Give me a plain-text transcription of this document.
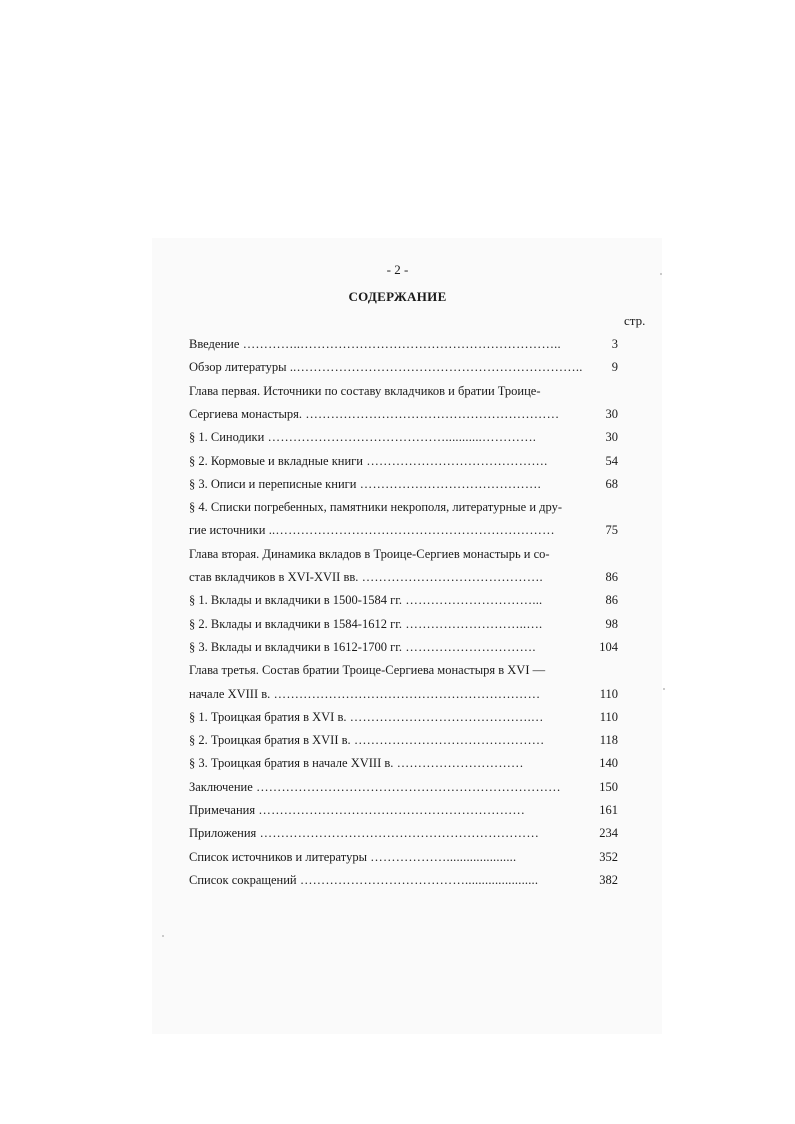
- 2 -
СОДЕРЖАНИЕ
стр.
Введение …………..……………………………………………………..	3
Обзор литературы ..…………………………………………………………..	9
Глава первая. Источники по составу вкладчиков и братии Троице-
Сергиева монастыря. ……………………………………………………	30
§ 1. Синодики ……………………………………...........………….	30
§ 2. Кормовые и вкладные книги …………………………………….	54
§ 3. Описи и переписные книги …………………………………….	68
§ 4. Списки погребенных, памятники некрополя, литературные и дру-
гие источники ..…………………………………………………………	75
Глава вторая. Динамика вкладов в Троице-Сергиев монастырь и со-
став вкладчиков в XVI-XVII вв. …………………………………….	86
§ 1. Вклады и вкладчики в 1500-1584 гг. …………………………...	86
§ 2. Вклады и вкладчики в 1584-1612 гг. ………………………..….	98
§ 3. Вклады и вкладчики в 1612-1700 гг. ………………………….	104
Глава третья. Состав братии Троице-Сергиева монастыря в XVI —
начале XVIII в. ………………………………………………………	110
§ 1. Троицкая братия в XVI в. …………………………………….…	110
§ 2. Троицкая братия в XVII в. ………………………………………	118
§ 3. Троицкая братия в начале XVIII в. …………………………	140
Заключение ………………………………………………………………	150
Примечания ………………………………………………………	161
Приложения …………………………………………………………	234
Список источников и литературы ……………….....................	352
Список сокращений …………………………………......................	382
